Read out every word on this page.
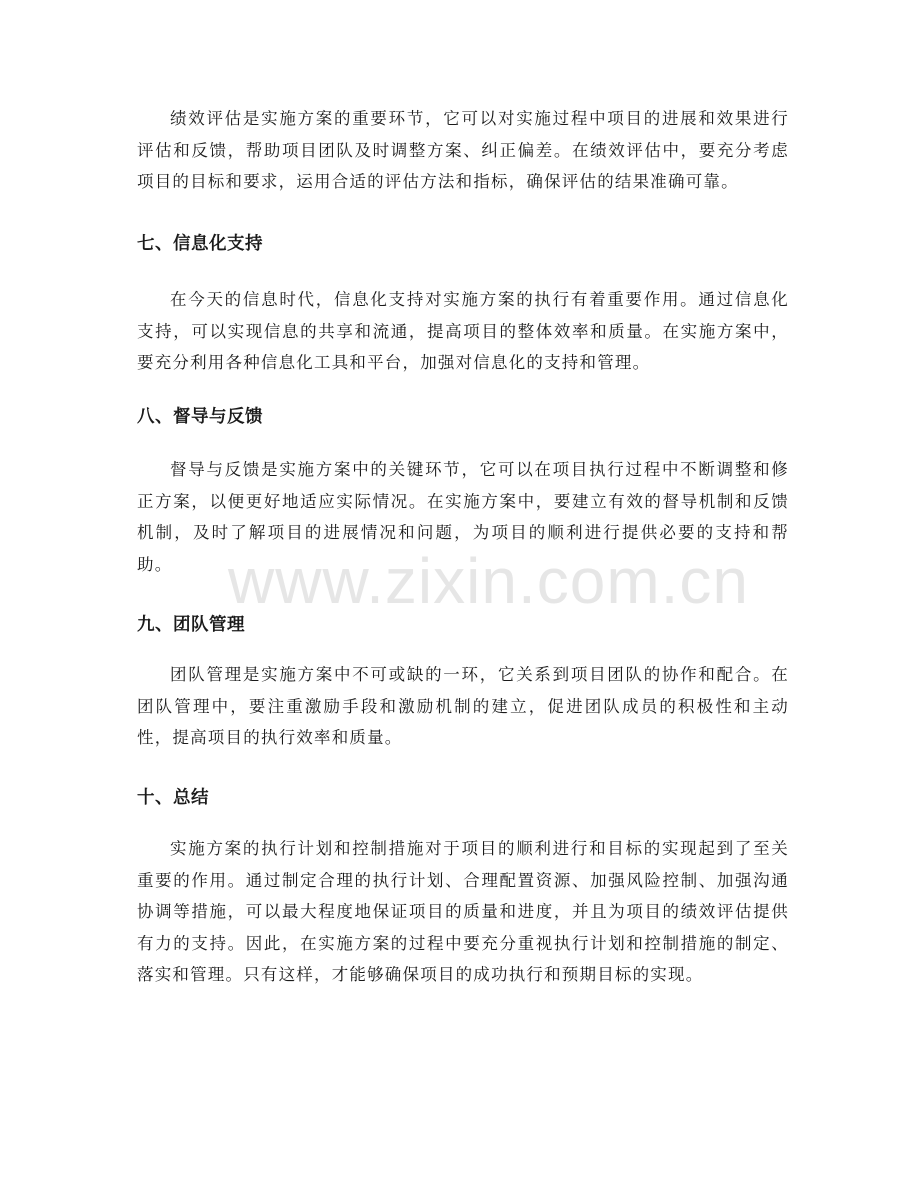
绩效评估是实施方案的重要环节，它可以对实施过程中项目的进展和效果进行评估和反馈，帮助项目团队及时调整方案、纠正偏差。在绩效评估中，要充分考虑项目的目标和要求，运用合适的评估方法和指标，确保评估的结果准确可靠。

七、信息化支持

在今天的信息时代，信息化支持对实施方案的执行有着重要作用。通过信息化支持，可以实现信息的共享和流通，提高项目的整体效率和质量。在实施方案中，要充分利用各种信息化工具和平台，加强对信息化的支持和管理。

八、督导与反馈

督导与反馈是实施方案中的关键环节，它可以在项目执行过程中不断调整和修正方案，以便更好地适应实际情况。在实施方案中，要建立有效的督导机制和反馈机制，及时了解项目的进展情况和问题，为项目的顺利进行提供必要的支持和帮助。

九、团队管理

团队管理是实施方案中不可或缺的一环，它关系到项目团队的协作和配合。在团队管理中，要注重激励手段和激励机制的建立，促进团队成员的积极性和主动性，提高项目的执行效率和质量。

十、总结

实施方案的执行计划和控制措施对于项目的顺利进行和目标的实现起到了至关重要的作用。通过制定合理的执行计划、合理配置资源、加强风险控制、加强沟通协调等措施，可以最大程度地保证项目的质量和进度，并且为项目的绩效评估提供有力的支持。因此，在实施方案的过程中要充分重视执行计划和控制措施的制定、落实和管理。只有这样，才能够确保项目的成功执行和预期目标的实现。

www.zixin.com.cn
